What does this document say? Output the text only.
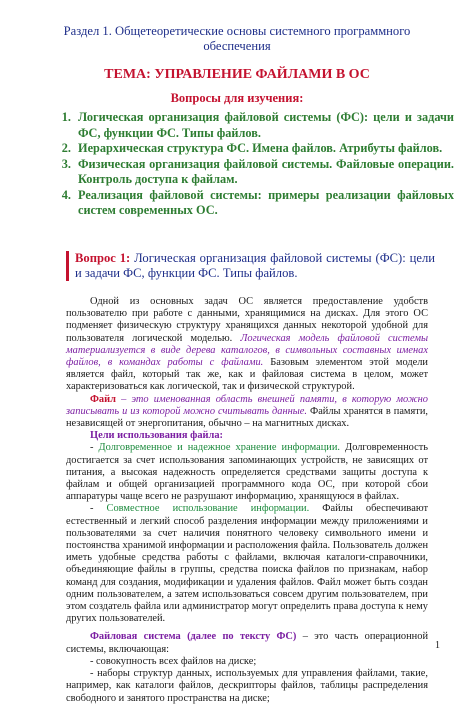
Раздел 1. Общетеоретические основы системного программного обеспечения
ТЕМА: УПРАВЛЕНИЕ ФАЙЛАМИ В ОС
Вопросы для изучения:
1. Логическая организация файловой системы (ФС): цели и задачи ФС, функции ФС. Типы файлов.
2. Иерархическая структура ФС. Имена файлов. Атрибуты файлов.
3. Физическая организация файловой системы. Файловые операции. Контроль доступа к файлам.
4. Реализация файловой системы: примеры реализации файловых систем современных ОС.
Вопрос 1: Логическая организация файловой системы (ФС): цели и задачи ФС, функции ФС. Типы файлов.

Одной из основных задач ОС является предоставление удобств пользователю при работе с данными, хранящимися на дисках. Для этого ОС подменяет физическую структуру хранящихся данных некоторой удобной для пользователя логической моделью. Логическая модель файловой системы материализуется в виде дерева каталогов, в символьных составных именах файлов, в командах работы с файлами. Базовым элементом этой модели является файл, который так же, как и файловая система в целом, может характеризоваться как логической, так и физической структурой.

Файл – это именованная область внешней памяти, в которую можно записывать и из которой можно считывать данные. Файлы хранятся в памяти, независящей от энергопитания, обычно – на магнитных дисках.

Цели использования файла:

- Долговременное и надежное хранение информации. Долговременность достигается за счет использования запоминающих устройств, не зависящих от питания, а высокая надежность определяется средствами защиты доступа к файлам и общей организацией программного кода ОС, при которой сбои аппаратуры чаще всего не разрушают информацию, хранящуюся в файлах.

- Совместное использование информации. Файлы обеспечивают естественный и легкий способ разделения информации между приложениями и пользователями за счет наличия понятного человеку символьного имени и постоянства хранимой информации и расположения файла. Пользователь должен иметь удобные средства работы с файлами, включая каталоги-справочники, объединяющие файлы в группы, средства поиска файлов по признакам, набор команд для создания, модификации и удаления файлов. Файл может быть создан одним пользователем, а затем использоваться совсем другим пользователем, при этом создатель файла или администратор могут определить права доступа к нему других пользователей.

Файловая система (далее по тексту ФС) – это часть операционной системы, включающая:

- совокупность всех файлов на диске;

- наборы структур данных, используемых для управления файлами, такие, например, как каталоги файлов, дескрипторы файлов, таблицы распределения свободного и занятого пространства на диске;

1
